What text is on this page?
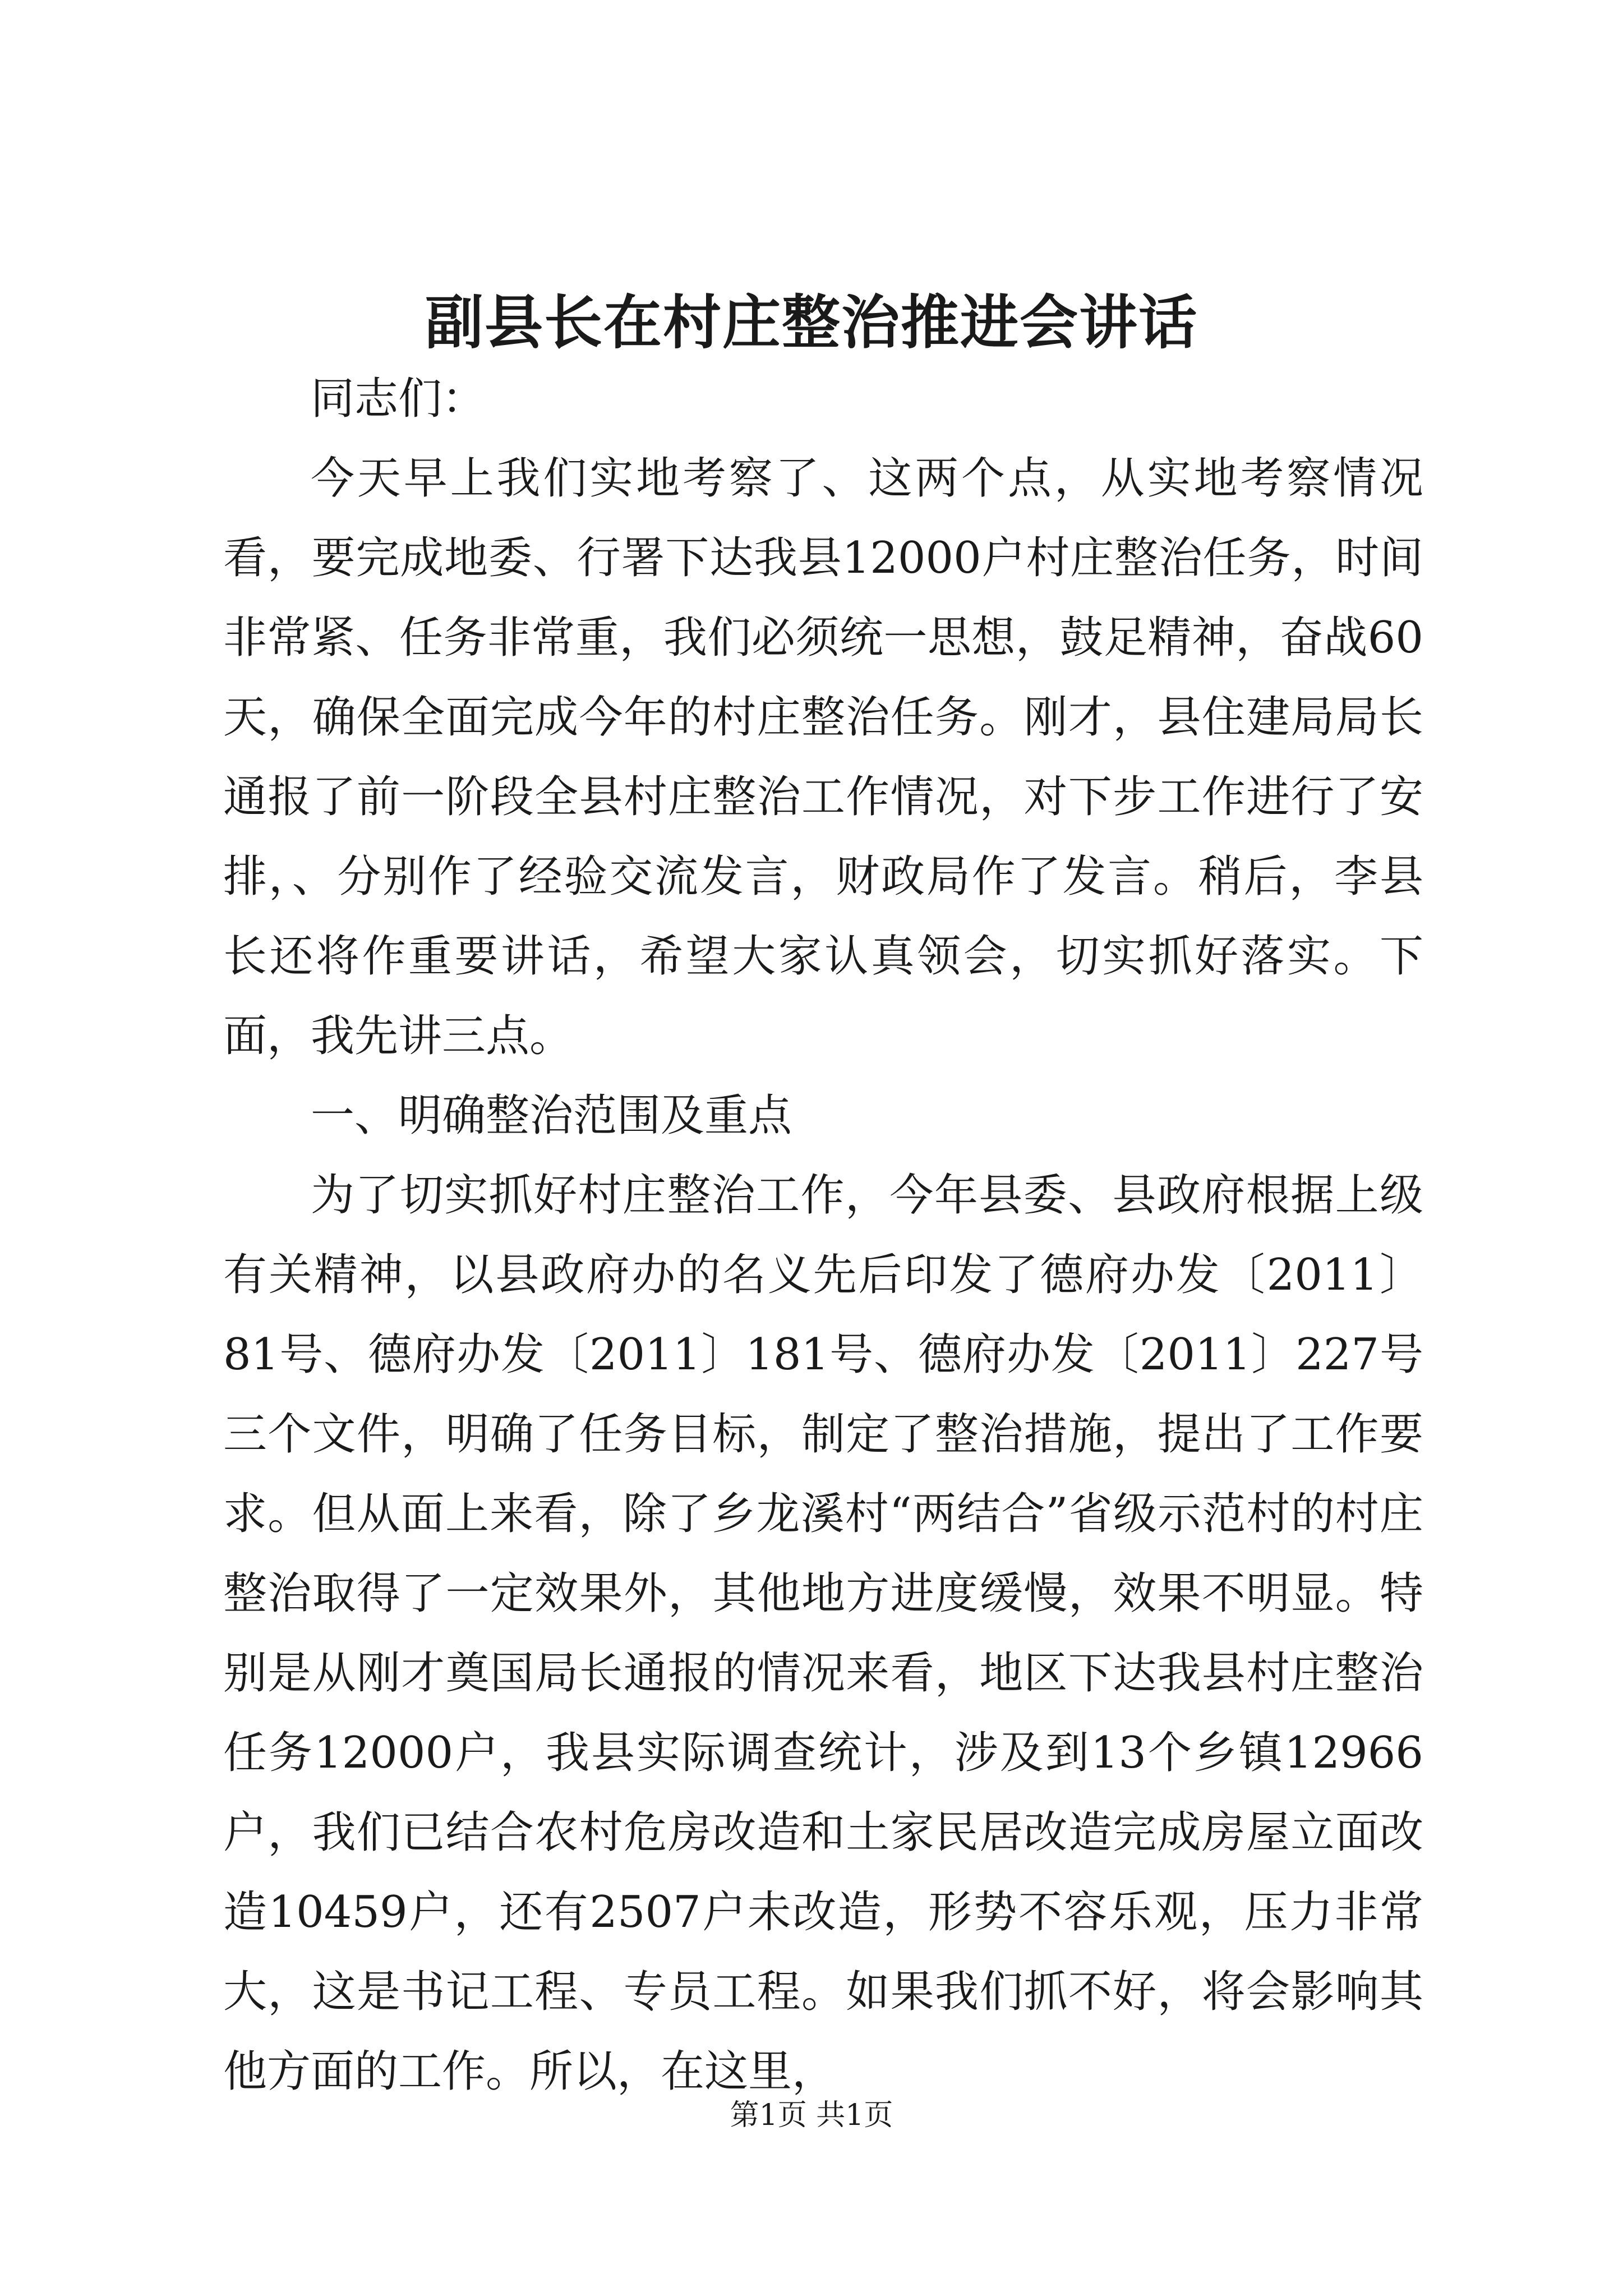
副县长在村庄整治推进会讲话

同志们：

今天早上我们实地考察了、这两个点，从实地考察情况看，要完成地委、行署下达我县12000户村庄整治任务，时间非常紧、任务非常重，我们必须统一思想，鼓足精神，奋战60天，确保全面完成今年的村庄整治任务。刚才，县住建局局长通报了前一阶段全县村庄整治工作情况，对下步工作进行了安排，、分别作了经验交流发言，财政局作了发言。稍后，李县长还将作重要讲话，希望大家认真领会，切实抓好落实。下面，我先讲三点。

一、明确整治范围及重点

为了切实抓好村庄整治工作，今年县委、县政府根据上级有关精神，以县政府办的名义先后印发了德府办发〔2011〕81号、德府办发〔2011〕181号、德府办发〔2011〕227号三个文件，明确了任务目标，制定了整治措施，提出了工作要求。但从面上来看，除了乡龙溪村“两结合”省级示范村的村庄整治取得了一定效果外，其他地方进度缓慢，效果不明显。特别是从刚才奠国局长通报的情况来看，地区下达我县村庄整治任务12000户，我县实际调查统计，涉及到13个乡镇12966户，我们已结合农村危房改造和土家民居改造完成房屋立面改造10459户，还有2507户未改造，形势不容乐观，压力非常大，这是书记工程、专员工程。如果我们抓不好，将会影响其他方面的工作。所以，在这里，

第1页 共1页
